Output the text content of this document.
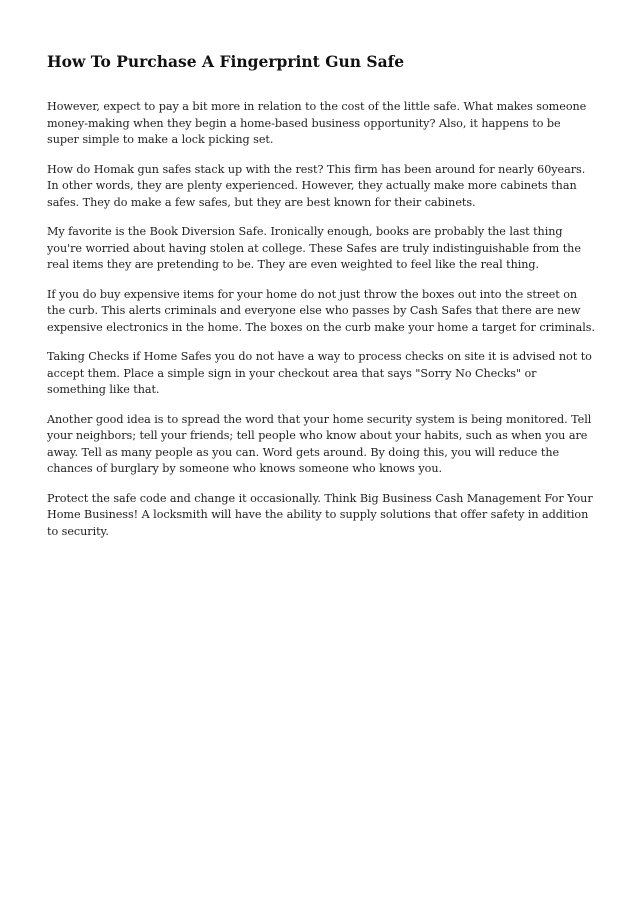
How To Purchase A Fingerprint Gun Safe

However, expect to pay a bit more in relation to the cost of the little safe. What makes someone money-making when they begin a home-based business opportunity? Also, it happens to be super simple to make a lock picking set.

How do Homak gun safes stack up with the rest? This firm has been around for nearly 60years. In other words, they are plenty experienced. However, they actually make more cabinets than safes. They do make a few safes, but they are best known for their cabinets.

My favorite is the Book Diversion Safe. Ironically enough, books are probably the last thing you're worried about having stolen at college. These Safes are truly indistinguishable from the real items they are pretending to be. They are even weighted to feel like the real thing.

If you do buy expensive items for your home do not just throw the boxes out into the street on the curb. This alerts criminals and everyone else who passes by Cash Safes that there are new expensive electronics in the home. The boxes on the curb make your home a target for criminals.

Taking Checks if Home Safes you do not have a way to process checks on site it is advised not to accept them. Place a simple sign in your checkout area that says "Sorry No Checks" or something like that.

Another good idea is to spread the word that your home security system is being monitored. Tell your neighbors; tell your friends; tell people who know about your habits, such as when you are away. Tell as many people as you can. Word gets around. By doing this, you will reduce the chances of burglary by someone who knows someone who knows you.

Protect the safe code and change it occasionally. Think Big Business Cash Management For Your Home Business! A locksmith will have the ability to supply solutions that offer safety in addition to security.
